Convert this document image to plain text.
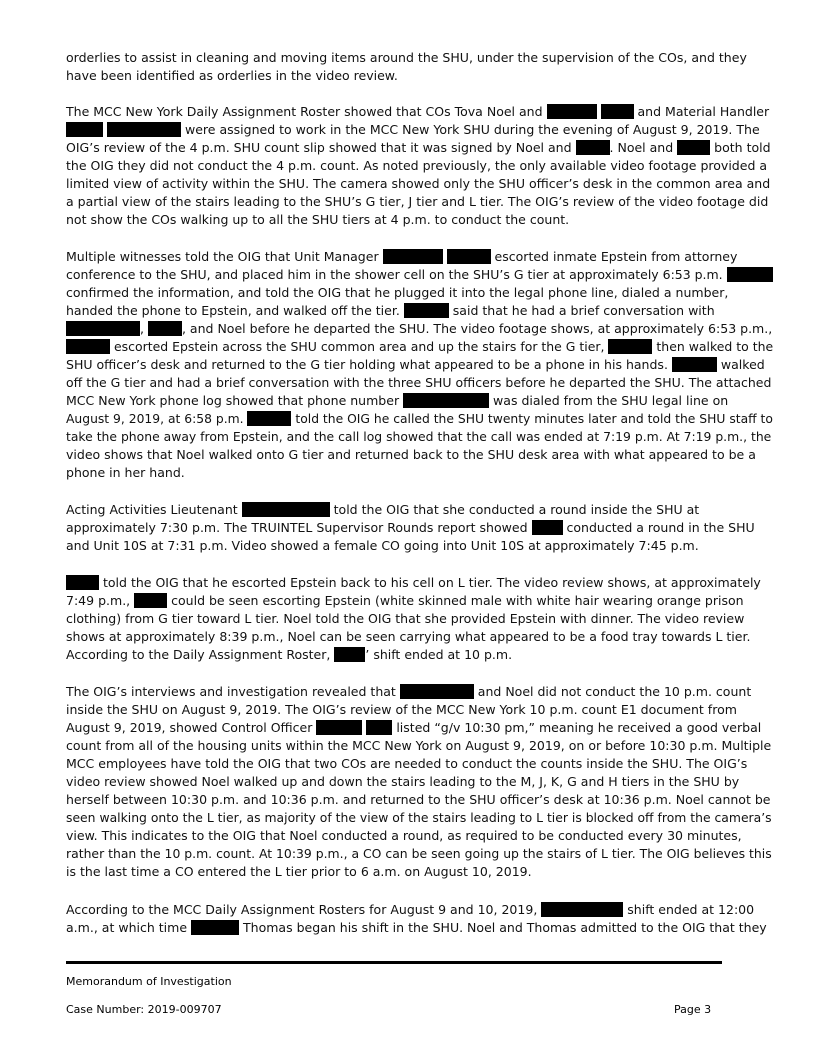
orderlies to assist in cleaning and moving items around the SHU, under the supervision of the COs, and they
have been identified as orderlies in the video review.
The MCC New York Daily Assignment Roster showed that COs Tova Noel and	and Material Handler
were assigned to work in the MCC New York SHU during the evening of August 9, 2019. The
OIG’s review of the 4 p.m. SHU count slip showed that it was signed by Noel and	. Noel and	both told
the OIG they did not conduct the 4 p.m. count. As noted previously, the only available video footage provided a
limited view of activity within the SHU. The camera showed only the SHU officer’s desk in the common area and
a partial view of the stairs leading to the SHU’s G tier, J tier and L tier. The OIG’s review of the video footage did
not show the COs walking up to all the SHU tiers at 4 p.m. to conduct the count.
Multiple witnesses told the OIG that Unit Manager	escorted inmate Epstein from attorney
conference to the SHU, and placed him in the shower cell on the SHU’s G tier at approximately 6:53 p.m.
confirmed the information, and told the OIG that he plugged it into the legal phone line, dialed a number,
handed the phone to Epstein, and walked off the tier.	said that he had a brief conversation with
,	, and Noel before he departed the SHU. The video footage shows, at approximately 6:53 p.m.,
escorted Epstein across the SHU common area and up the stairs for the G tier,	then walked to the
SHU officer’s desk and returned to the G tier holding what appeared to be a phone in his hands.	walked
off the G tier and had a brief conversation with the three SHU officers before he departed the SHU. The attached
MCC New York phone log showed that phone number	was dialed from the SHU legal line on
August 9, 2019, at 6:58 p.m.	told the OIG he called the SHU twenty minutes later and told the SHU staff to
take the phone away from Epstein, and the call log showed that the call was ended at 7:19 p.m. At 7:19 p.m., the
video shows that Noel walked onto G tier and returned back to the SHU desk area with what appeared to be a
phone in her hand.
Acting Activities Lieutenant	told the OIG that she conducted a round inside the SHU at
approximately 7:30 p.m. The TRUINTEL Supervisor Rounds report showed  conducted a round in the SHU
and Unit 10S at 7:31 p.m. Video showed a female CO going into Unit 10S at approximately 7:45 p.m.
told the OIG that he escorted Epstein back to his cell on L tier. The video review shows, at approximately
7:49 p.m.,	could be seen escorting Epstein (white skinned male with white hair wearing orange prison
clothing) from G tier toward L tier. Noel told the OIG that she provided Epstein with dinner. The video review
shows at approximately 8:39 p.m., Noel can be seen carrying what appeared to be a food tray towards L tier.
According to the Daily Assignment Roster, ’ shift ended at 10 p.m.
The OIG’s interviews and investigation revealed that	and Noel did not conduct the 10 p.m. count
inside the SHU on August 9, 2019. The OIG’s review of the MCC New York 10 p.m. count E1 document from
August 9, 2019, showed Control Officer	listed “g/v 10:30 pm,” meaning he received a good verbal
count from all of the housing units within the MCC New York on August 9, 2019, on or before 10:30 p.m. Multiple
MCC employees have told the OIG that two COs are needed to conduct the counts inside the SHU. The OIG’s
video review showed Noel walked up and down the stairs leading to the M, J, K, G and H tiers in the SHU by
herself between 10:30 p.m. and 10:36 p.m. and returned to the SHU officer’s desk at 10:36 p.m. Noel cannot be
seen walking onto the L tier, as majority of the view of the stairs leading to L tier is blocked off from the camera’s
view. This indicates to the OIG that Noel conducted a round, as required to be conducted every 30 minutes,
rather than the 10 p.m. count. At 10:39 p.m., a CO can be seen going up the stairs of L tier. The OIG believes this
is the last time a CO entered the L tier prior to 6 a.m. on August 10, 2019.
According to the MCC Daily Assignment Rosters for August 9 and 10, 2019,	shift ended at 12:00
a.m., at which time	Thomas began his shift in the SHU. Noel and Thomas admitted to the OIG that they
Memorandum of Investigation
Case Number: 2019-009707	Page 3
